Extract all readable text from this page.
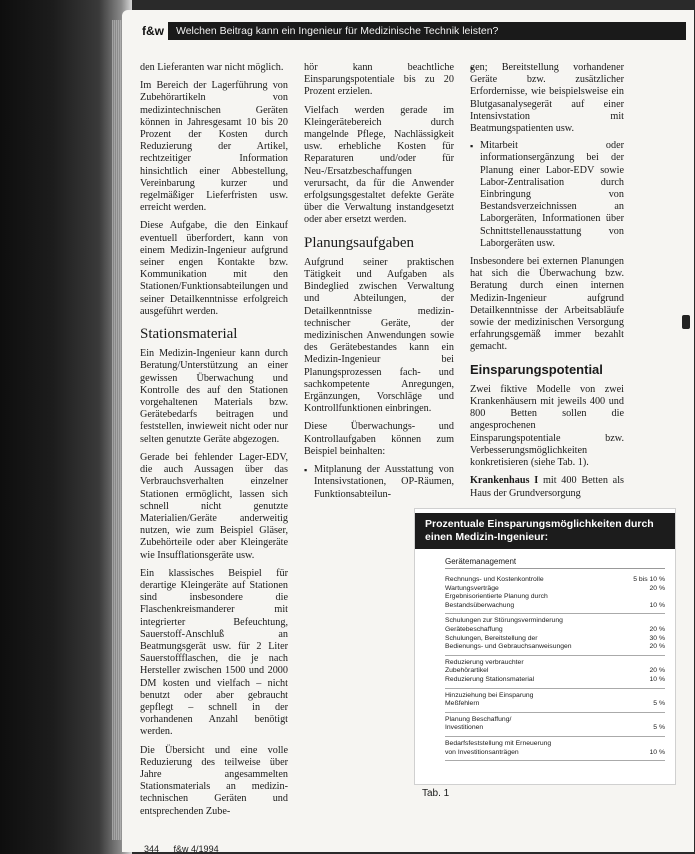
f&w	Welchen Beitrag kann ein Ingenieur für Medizinische Technik leisten?

den Lieferanten war nicht möglich.

Im Bereich der Lagerführung von Zubehörartikeln von medizintechnischen Geräten können in Jahresgesamt 10 bis 20 Prozent der Kosten durch Reduzierung der Artikel, rechtzeitiger Information hinsichtlich einer Abbestellung, Vereinbarung kurzer und regelmäßiger Lieferfristen usw. erreicht werden.

Diese Aufgabe, die den Einkauf eventuell überfordert, kann von einem Medizin-Ingenieur aufgrund seiner engen Kontakte bzw. Kommunikation mit den Stationen/Funktionsabteilungen und seiner Detailkenntnisse erfolgreich ausgeführt werden.

Stationsmaterial

Ein Medizin-Ingenieur kann durch Beratung/Unterstützung an einer gewissen Überwachung und Kontrolle des auf den Stationen vorgehaltenen Materials bzw. Gerätebedarfs beitragen und feststellen, inwieweit nicht oder nur selten genutzte Geräte abgezogen.

Gerade bei fehlender Lager-EDV, die auch Aussagen über das Verbrauchsverhalten einzelner Stationen ermöglicht, lassen sich schnell nicht genutzte Materialien/Geräte anderweitig nutzen, wie zum Beispiel Gläser, Zubehörteile oder aber Kleingeräte wie Insufflationsgeräte usw.

Ein klassisches Beispiel für derartige Kleingeräte auf Stationen sind insbesondere die Flaschenkreismanderer mit integrierter Befeuchtung, Sauerstoff-Anschluß an Beatmungsgerät usw. für 2 Liter Sauerstoffflaschen, die je nach Hersteller zwischen 1500 und 2000 DM kosten und vielfach – nicht benutzt oder aber gebraucht gepflegt – schnell in der vorhandenen Anzahl benötigt werden.

Die Übersicht und eine volle Reduzierung des teilweise über Jahre angesammelten Stationsmaterials an medizin-technischen Geräten und entsprechenden Zube-

hör kann beachtliche Einsparungspotentiale bis zu 20 Prozent erzielen.

Vielfach werden gerade im Kleingerätebereich durch mangelnde Pflege, Nachlässigkeit usw. erhebliche Kosten für Reparaturen und/oder für Neu-/Ersatzbeschaffungen verursacht, da für die Anwender erfolgsungsgestaltet defekte Geräte über die Verwaltung instandgesetzt oder aber ersetzt werden.

Planungsaufgaben

Aufgrund seiner praktischen Tätigkeit und Aufgaben als Bindeglied zwischen Verwaltung und Abteilungen, der Detailkenntnisse medizin-technischer Geräte, der medizinischen Anwendungen sowie des Gerätebestandes kann ein Medizin-Ingenieur bei Planungsprozessen fach- und sachkompetente Anregungen, Ergänzungen, Vorschläge und Kontrollfunktionen einbringen.

Diese Überwachungs- und Kontrollaufgaben können zum Beispiel beinhalten:

▪ Mitplanung der Ausstattung von Intensivstationen, OP-Räumen, Funktionsabteilun-
▪ gen; Bereitstellung vorhandener Geräte bzw. zusätzlicher Erfordernisse, wie beispielsweise ein Blutgasanalysegerät auf einer Intensivstation mit Beatmungspatienten usw.
▪ Mitarbeit oder informationsergänzung bei der Planung einer Labor-EDV sowie Labor-Zentralisation durch Einbringung von Bestandsverzeichnissen an Laborgeräten, Informationen über Schnittstellenausstattung von Laborgeräten usw.

Insbesondere bei externen Planungen hat sich die Überwachung bzw. Beratung durch einen internen Medizin-Ingenieur aufgrund Detailkenntnisse der Arbeitsabläufe sowie der medizinischen Versorgung erfahrungsgemäß immer bezahlt gemacht.

Einsparungspotential

Zwei fiktive Modelle von zwei Krankenhäusern mit jeweils 400 und 800 Betten sollen die angesprochenen Einsparungspotentiale bzw. Verbesserungsmöglichkeiten konkretisieren (siehe Tab. 1).

Krankenhaus I mit 400 Betten als Haus der Grundversorgung

Prozentuale Einsparungsmöglichkeiten durch einen Medizin-Ingenieur:
Gerätemanagement
Rechnungs- und Kostenkontrolle	5 bis 10 %
Wartungsverträge	20 %
Ergebnisorientierte Planung durch
Bestandsüberwachung	10 %
Schulungen zur Störungsverminderung
Gerätebeschaffung	20 %
Schulungen, Bereitstellung der	30 %
Bedienungs- und Gebrauchsanweisungen	20 %
Reduzierung verbrauchter
Zubehörartikel	20 %
Reduzierung Stationsmaterial	10 %
Hinzuziehung bei Einsparung
Meßfehlern	5 %
Planung Beschaffung/
Investitionen	5 %
Bedarfsfeststellung mit Erneuerung
von Investitionsanträgen	10 %
Tab. 1
344 f&w 4/1994
